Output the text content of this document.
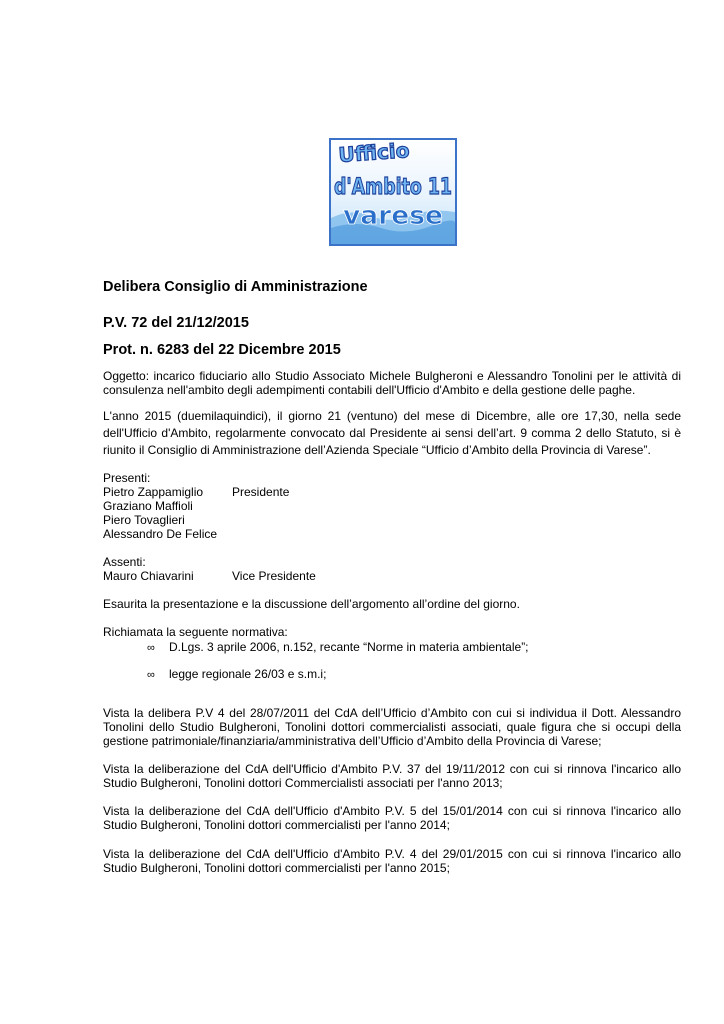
Ufficio
d'Ambito 11
varese
Delibera Consiglio di Amministrazione
P.V. 72 del 21/12/2015
Prot. n. 6283 del 22 Dicembre 2015
Oggetto: incarico fiduciario allo Studio Associato Michele Bulgheroni e Alessandro Tonolini per le attività di
consulenza nell'ambito degli adempimenti contabili dell'Ufficio d'Ambito e della gestione delle paghe.
L'anno 2015 (duemilaquindici), il giorno 21 (ventuno) del mese di Dicembre, alle ore 17,30, nella sede
dell'Ufficio d'Ambito, regolarmente convocato dal Presidente ai sensi dell’art. 9 comma 2 dello Statuto, si è
riunito il Consiglio di Amministrazione dell’Azienda Speciale “Ufficio d’Ambito della Provincia di Varese”.
Presenti:
Pietro Zappamiglio Presidente
Graziano Maffioli
Piero Tovaglieri
Alessandro De Felice
Assenti:
Mauro Chiavarini	Vice Presidente
Esaurita la presentazione e la discussione dell’argomento all’ordine del giorno.
Richiamata la seguente normativa:
∞ D.Lgs. 3 aprile 2006, n.152, recante “Norme in materia ambientale”;
∞ legge regionale 26/03 e s.m.i;
Vista la delibera P.V 4 del 28/07/2011 del CdA dell’Ufficio d’Ambito con cui si individua il Dott. Alessandro
Tonolini dello Studio Bulgheroni, Tonolini dottori commercialisti associati, quale figura che si occupi della
gestione patrimoniale/finanziaria/amministrativa dell’Ufficio d’Ambito della Provincia di Varese;
Vista la deliberazione del CdA dell'Ufficio d'Ambito P.V. 37 del 19/11/2012 con cui si rinnova l'incarico allo
Studio Bulgheroni, Tonolini dottori Commercialisti associati per l'anno 2013;
Vista la deliberazione del CdA dell'Ufficio d'Ambito P.V. 5 del 15/01/2014 con cui si rinnova l'incarico allo
Studio Bulgheroni, Tonolini dottori commercialisti per l'anno 2014;
Vista la deliberazione del CdA dell'Ufficio d'Ambito P.V. 4 del 29/01/2015 con cui si rinnova l'incarico allo
Studio Bulgheroni, Tonolini dottori commercialisti per l'anno 2015;
